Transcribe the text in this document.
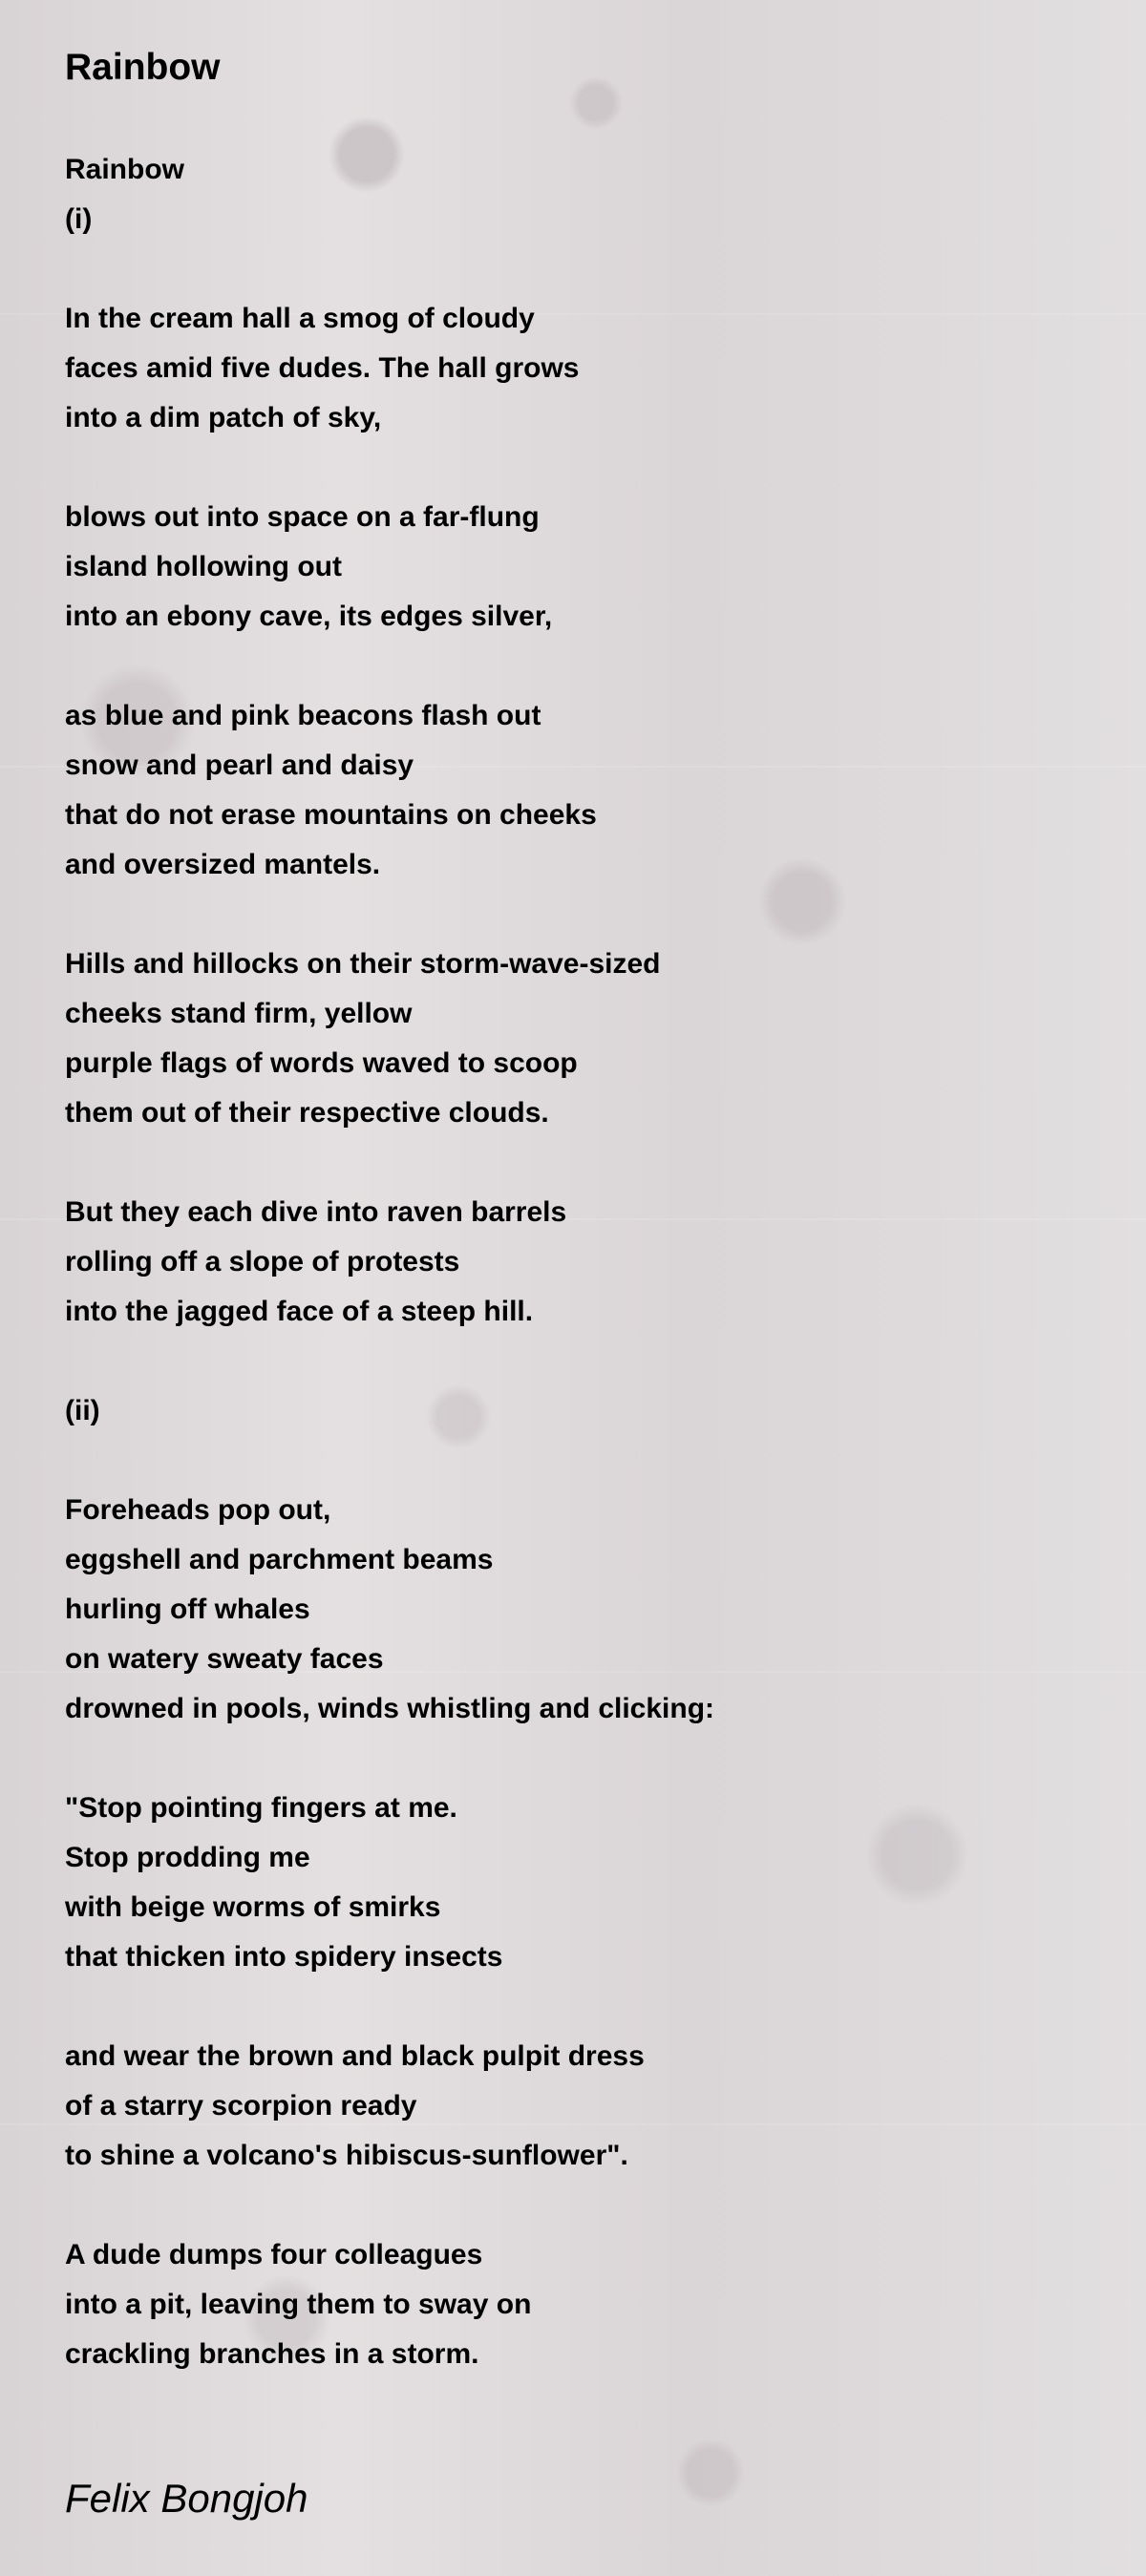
Rainbow
Rainbow
(i)
In the cream hall a smog of cloudy
faces amid five dudes. The hall grows
into a dim patch of sky,
blows out into space on a far-flung
island hollowing out
into an ebony cave, its edges silver,
as blue and pink beacons flash out
snow and pearl and daisy
that do not erase mountains on cheeks
and oversized mantels.
Hills and hillocks on their storm-wave-sized
cheeks stand firm, yellow
purple flags of words waved to scoop
them out of their respective clouds.
But they each dive into raven barrels
rolling off a slope of protests
into the jagged face of a steep hill.
(ii)
Foreheads pop out,
eggshell and parchment beams
hurling off whales
on watery sweaty faces
drowned in pools, winds whistling and clicking:
"Stop pointing fingers at me.
Stop prodding me
with beige worms of smirks
that thicken into spidery insects
and wear the brown and black pulpit dress
of a starry scorpion ready
to shine a volcano's hibiscus-sunflower".
A dude dumps four colleagues
into a pit, leaving them to sway on
crackling branches in a storm.

Felix Bongjoh
